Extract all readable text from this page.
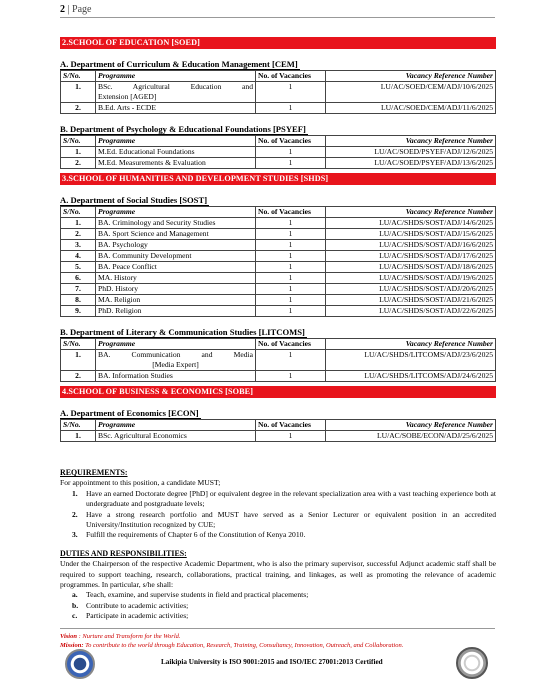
2 | Page
2.SCHOOL OF EDUCATION [SOED]
A. Department of Curriculum & Education Management [CEM]
S/No.	Programme	No. of Vacancies	Vacancy Reference Number
1.	BSc. Agricultural Education and
Extension [AGED]	1	LU/AC/SOED/CEM/ADJ/10/6/2025
2.	B.Ed. Arts - ECDE	1	LU/AC/SOED/CEM/ADJ/11/6/2025
B. Department of Psychology & Educational Foundations [PSYEF]
S/No.	Programme	No. of Vacancies	Vacancy Reference Number
1.	M.Ed. Educational Foundations	1	LU/AC/SOED/PSYEF/ADJ/12/6/2025
2.	M.Ed. Measurements & Evaluation	1	LU/AC/SOED/PSYEF/ADJ/13/6/2025
3.SCHOOL OF HUMANITIES AND DEVELOPMENT STUDIES [SHDS]
A. Department of Social Studies [SOST]
S/No.	Programme	No. of Vacancies	Vacancy Reference Number
1.	BA. Criminology and Security Studies	1	LU/AC/SHDS/SOST/ADJ/14/6/2025
2.	BA. Sport Science and Management	1	LU/AC/SHDS/SOST/ADJ/15/6/2025
3.	BA. Psychology	1	LU/AC/SHDS/SOST/ADJ/16/6/2025
4.	BA. Community Development	1	LU/AC/SHDS/SOST/ADJ/17/6/2025
5.	BA. Peace Conflict	1	LU/AC/SHDS/SOST/ADJ/18/6/2025
6.	MA. History	1	LU/AC/SHDS/SOST/ADJ/19/6/2025
7.	PhD. History	1	LU/AC/SHDS/SOST/ADJ/20/6/2025
8.	MA. Religion	1	LU/AC/SHDS/SOST/ADJ/21/6/2025
9.	PhD. Religion	1	LU/AC/SHDS/SOST/ADJ/22/6/2025
B. Department of Literary & Communication Studies [LITCOMS]
S/No.	Programme	No. of Vacancies	Vacancy Reference Number
1.	BA. Communication and Media
[Media Expert]	1	LU/AC/SHDS/LITCOMS/ADJ/23/6/2025
2.	BA. Information Studies	1	LU/AC/SHDS/LITCOMS/ADJ/24/6/2025
4.SCHOOL OF BUSINESS & ECONOMICS [SOBE]
A. Department of Economics [ECON]
S/No.	Programme	No. of Vacancies	Vacancy Reference Number
1.	BSc. Agricultural Economics	1	LU/AC/SOBE/ECON/ADJ/25/6/2025
REQUIREMENTS:
For appointment to this position, a candidate MUST;
1.	Have an earned Doctorate degree [PhD] or equivalent degree in the relevant specialization area with a vast teaching experience both at undergraduate and postgraduate levels;
2.	Have a strong research portfolio and MUST have served as a Senior Lecturer or equivalent position in an accredited University/Institution recognized by CUE;
3.	Fulfill the requirements of Chapter 6 of the Constitution of Kenya 2010.
DUTIES AND RESPONSIBILITIES:
Under the Chairperson of the respective Academic Department, who is also the primary supervisor, successful Adjunct academic staff shall be required to support teaching, research, collaborations, practical training, and linkages, as well as promoting the relevance of academic programmes. In particular, s/he shall:
a.	Teach, examine, and supervise students in field and practical placements;
b.	Contribute to academic activities;
c.	Participate in academic activities;
Vision : Nurture and Transform for the World.
Mission: To contribute to the world through Education, Research, Training, Consultancy, Innovation, Outreach, and Collaboration.
Laikipia University is ISO 9001:2015 and ISO/IEC 27001:2013 Certified
